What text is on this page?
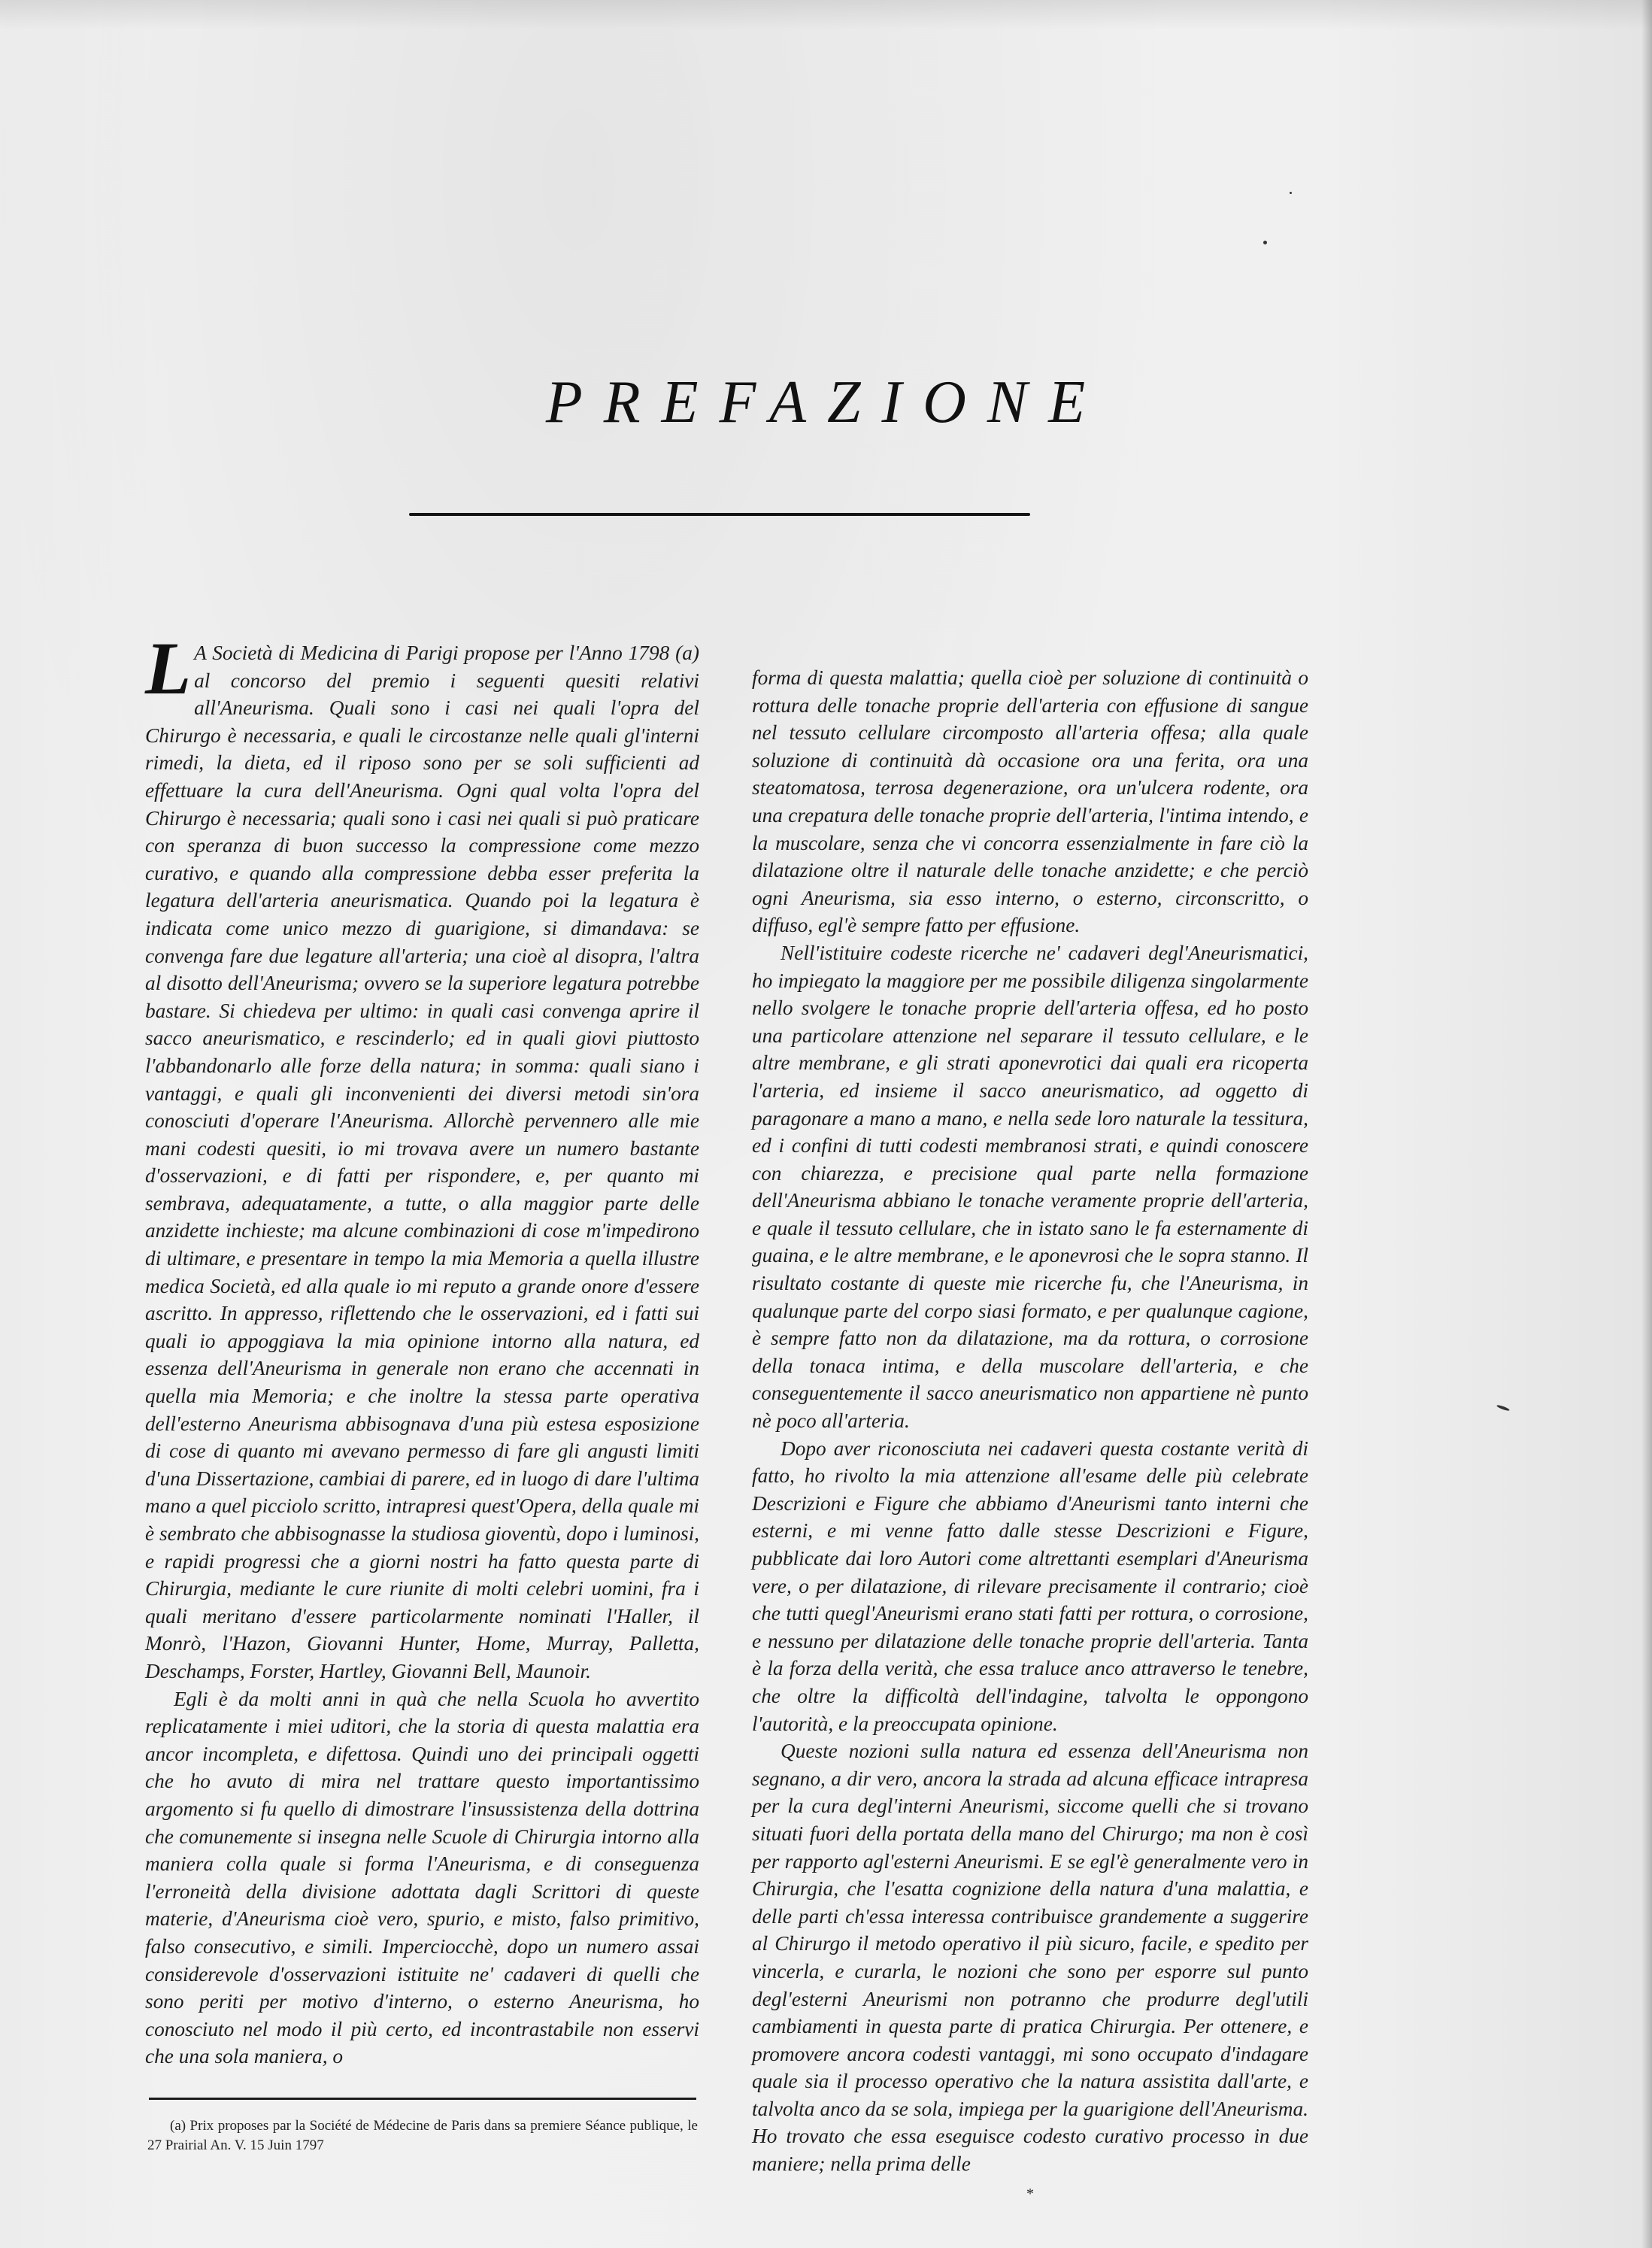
PREFAZIONE

L A Società di Medicina di Parigi propose per l'Anno 1798 (a) al concorso del premio i seguenti quesiti relativi all'Aneurisma. Quali sono i casi nei quali l'opra del Chirurgo è necessaria, e quali le circostanze nelle quali gl'interni rimedi, la dieta, ed il riposo sono per se soli sufficienti ad effettuare la cura dell'Aneurisma. Ogni qual volta l'opra del Chirurgo è necessaria; quali sono i casi nei quali si può praticare con speranza di buon successo la compressione come mezzo curativo, e quando alla compressione debba esser preferita la legatura dell'arteria aneurismatica. Quando poi la legatura è indicata come unico mezzo di guarigione, si dimandava: se convenga fare due legature all'arteria; una cioè al disopra, l'altra al disotto dell'Aneurisma; ovvero se la superiore legatura potrebbe bastare. Si chiedeva per ultimo: in quali casi convenga aprire il sacco aneurismatico, e rescinderlo; ed in quali giovi piuttosto l'abbandonarlo alle forze della natura; in somma: quali siano i vantaggi, e quali gli inconvenienti dei diversi metodi sin'ora conosciuti d'operare l'Aneurisma. Allorchè pervennero alle mie mani codesti quesiti, io mi trovava avere un numero bastante d'osservazioni, e di fatti per rispondere, e, per quanto mi sembrava, adequatamente, a tutte, o alla maggior parte delle anzidette inchieste; ma alcune combinazioni di cose m'impedirono di ultimare, e presentare in tempo la mia Memoria a quella illustre medica Società, ed alla quale io mi reputo a grande onore d'essere ascritto. In appresso, riflettendo che le osservazioni, ed i fatti sui quali io appoggiava la mia opinione intorno alla natura, ed essenza dell'Aneurisma in generale non erano che accennati in quella mia Memoria; e che inoltre la stessa parte operativa dell'esterno Aneurisma abbisognava d'una più estesa esposizione di cose di quanto mi avevano permesso di fare gli angusti limiti d'una Dissertazione, cambiai di parere, ed in luogo di dare l'ultima mano a quel picciolo scritto, intrapresi quest'Opera, della quale mi è sembrato che abbisognasse la studiosa gioventù, dopo i luminosi, e rapidi progressi che a giorni nostri ha fatto questa parte di Chirurgia, mediante le cure riunite di molti celebri uomini, fra i quali meritano d'essere particolarmente nominati l'Haller, il Monrò, l'Hazon, Giovanni Hunter, Home, Murray, Palletta, Deschamps, Forster, Hartley, Giovanni Bell, Maunoir.

Egli è da molti anni in quà che nella Scuola ho avvertito replicatamente i miei uditori, che la storia di questa malattia era ancor incompleta, e difettosa. Quindi uno dei principali oggetti che ho avuto di mira nel trattare questo importantissimo argomento si fu quello di dimostrare l'insussistenza della dottrina che comunemente si insegna nelle Scuole di Chirurgia intorno alla maniera colla quale si forma l'Aneurisma, e di conseguenza l'erroneità della divisione adottata dagli Scrittori di queste materie, d'Aneurisma cioè vero, spurio, e misto, falso primitivo, falso consecutivo, e simili. Imperciocchè, dopo un numero assai considerevole d'osservazioni istituite ne' cadaveri di quelli che sono periti per motivo d'interno, o esterno Aneurisma, ho conosciuto nel modo il più certo, ed incontrastabile non esservi che una sola maniera, o

(a) Prix proposes par la Société de Médecine de Paris dans sa premiere Séance publique, le 27 Prairial An. V. 15 Juin 1797

forma di questa malattia; quella cioè per soluzione di continuità o rottura delle tonache proprie dell'arteria con effusione di sangue nel tessuto cellulare circomposto all'arteria offesa; alla quale soluzione di continuità dà occasione ora una ferita, ora una steatomatosa, terrosa degenerazione, ora un'ulcera rodente, ora una crepatura delle tonache proprie dell'arteria, l'intima intendo, e la muscolare, senza che vi concorra essenzialmente in fare ciò la dilatazione oltre il naturale delle tonache anzidette; e che perciò ogni Aneurisma, sia esso interno, o esterno, circonscritto, o diffuso, egl'è sempre fatto per effusione.

Nell'istituire codeste ricerche ne' cadaveri degl'Aneurismatici, ho impiegato la maggiore per me possibile diligenza singolarmente nello svolgere le tonache proprie dell'arteria offesa, ed ho posto una particolare attenzione nel separare il tessuto cellulare, e le altre membrane, e gli strati aponevrotici dai quali era ricoperta l'arteria, ed insieme il sacco aneurismatico, ad oggetto di paragonare a mano a mano, e nella sede loro naturale la tessitura, ed i confini di tutti codesti membranosi strati, e quindi conoscere con chiarezza, e precisione qual parte nella formazione dell'Aneurisma abbiano le tonache veramente proprie dell'arteria, e quale il tessuto cellulare, che in istato sano le fa esternamente di guaina, e le altre membrane, e le aponevrosi che le sopra stanno. Il risultato costante di queste mie ricerche fu, che l'Aneurisma, in qualunque parte del corpo siasi formato, e per qualunque cagione, è sempre fatto non da dilatazione, ma da rottura, o corrosione della tonaca intima, e della muscolare dell'arteria, e che conseguentemente il sacco aneurismatico non appartiene nè punto nè poco all'arteria.

Dopo aver riconosciuta nei cadaveri questa costante verità di fatto, ho rivolto la mia attenzione all'esame delle più celebrate Descrizioni e Figure che abbiamo d'Aneurismi tanto interni che esterni, e mi venne fatto dalle stesse Descrizioni e Figure, pubblicate dai loro Autori come altrettanti esemplari d'Aneurisma vere, o per dilatazione, di rilevare precisamente il contrario; cioè che tutti quegl'Aneurismi erano stati fatti per rottura, o corrosione, e nessuno per dilatazione delle tonache proprie dell'arteria. Tanta è la forza della verità, che essa traluce anco attraverso le tenebre, che oltre la difficoltà dell'indagine, talvolta le oppongono l'autorità, e la preoccupata opinione.

Queste nozioni sulla natura ed essenza dell'Aneurisma non segnano, a dir vero, ancora la strada ad alcuna efficace intrapresa per la cura degl'interni Aneurismi, siccome quelli che si trovano situati fuori della portata della mano del Chirurgo; ma non è così per rapporto agl'esterni Aneurismi. E se egl'è generalmente vero in Chirurgia, che l'esatta cognizione della natura d'una malattia, e delle parti ch'essa interessa contribuisce grandemente a suggerire al Chirurgo il metodo operativo il più sicuro, facile, e spedito per vincerla, e curarla, le nozioni che sono per esporre sul punto degl'esterni Aneurismi non potranno che produrre degl'utili cambiamenti in questa parte di pratica Chirurgia. Per ottenere, e promovere ancora codesti vantaggi, mi sono occupato d'indagare quale sia il processo operativo che la natura assistita dall'arte, e talvolta anco da se sola, impiega per la guarigione dell'Aneurisma. Ho trovato che essa eseguisce codesto curativo processo in due maniere; nella prima delle

*
